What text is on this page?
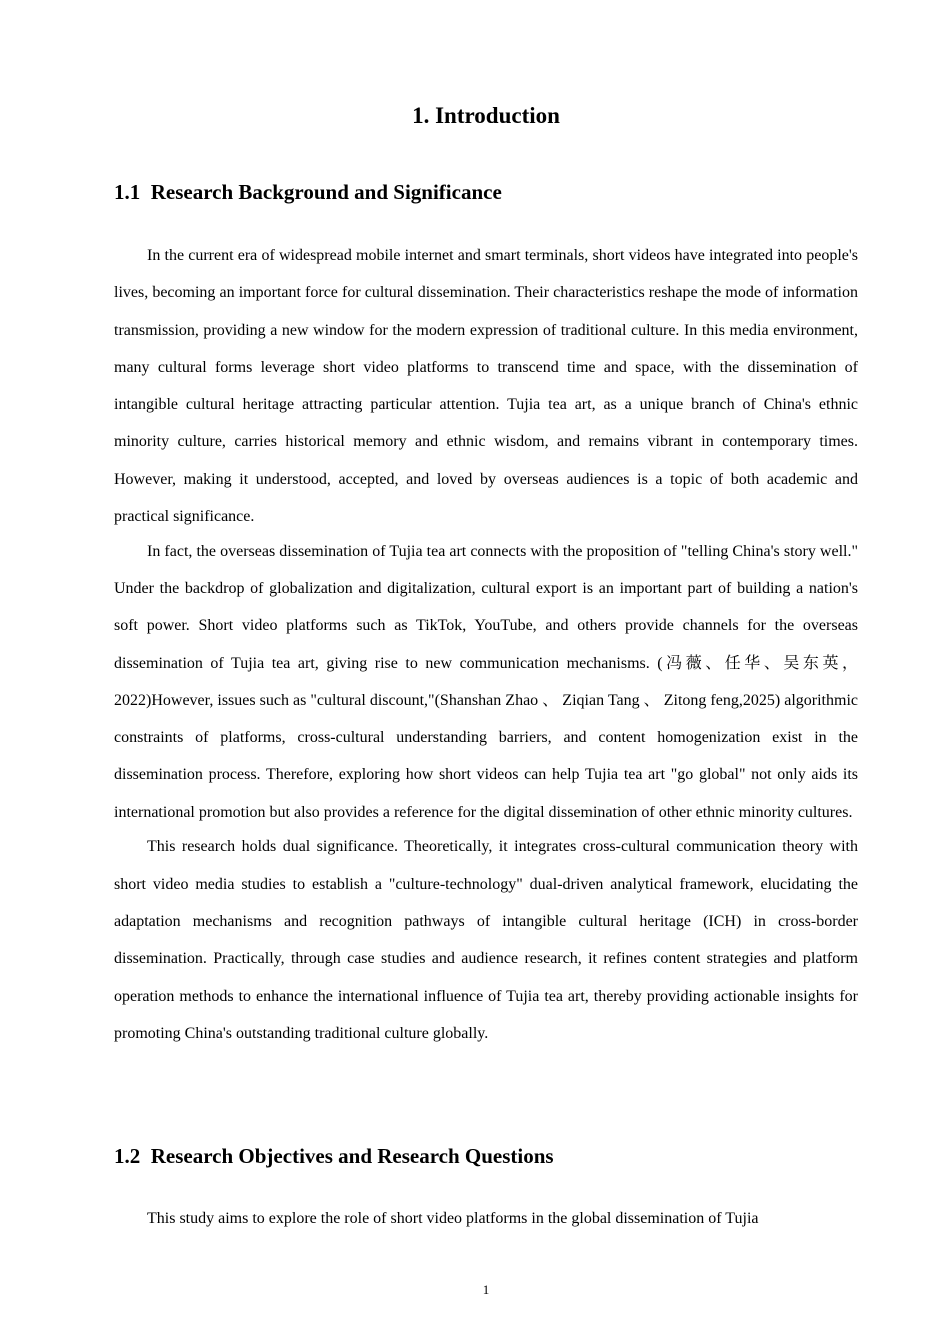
1. Introduction
1.1  Research Background and Significance

In the current era of widespread mobile internet and smart terminals, short videos have integrated into people's lives, becoming an important force for cultural dissemination. Their characteristics reshape the mode of information transmission, providing a new window for the modern expression of traditional culture. In this media environment, many cultural forms leverage short video platforms to transcend time and space, with the dissemination of intangible cultural heritage attracting particular attention. Tujia tea art, as a unique branch of China's ethnic minority culture, carries historical memory and ethnic wisdom, and remains vibrant in contemporary times. However, making it understood, accepted, and loved by overseas audiences is a topic of both academic and practical significance.

In fact, the overseas dissemination of Tujia tea art connects with the proposition of "telling China's story well." Under the backdrop of globalization and digitalization, cultural export is an important part of building a nation's soft power. Short video platforms such as TikTok, YouTube, and others provide channels for the overseas dissemination of Tujia tea art, giving rise to new communication mechanisms. (冯薇、任华、吴东英，2022)However, issues such as "cultural discount,"(Shanshan Zhao 、 Ziqian Tang 、 Zitong feng,2025) algorithmic constraints of platforms, cross-cultural understanding barriers, and content homogenization exist in the dissemination process. Therefore, exploring how short videos can help Tujia tea art "go global" not only aids its international promotion but also provides a reference for the digital dissemination of other ethnic minority cultures.

This research holds dual significance. Theoretically, it integrates cross-cultural communication theory with short video media studies to establish a "culture-technology" dual-driven analytical framework, elucidating the adaptation mechanisms and recognition pathways of intangible cultural heritage (ICH) in cross-border dissemination. Practically, through case studies and audience research, it refines content strategies and platform operation methods to enhance the international influence of Tujia tea art, thereby providing actionable insights for promoting China's outstanding traditional culture globally.

1.2  Research Objectives and Research Questions

This study aims to explore the role of short video platforms in the global dissemination of Tujia

1
